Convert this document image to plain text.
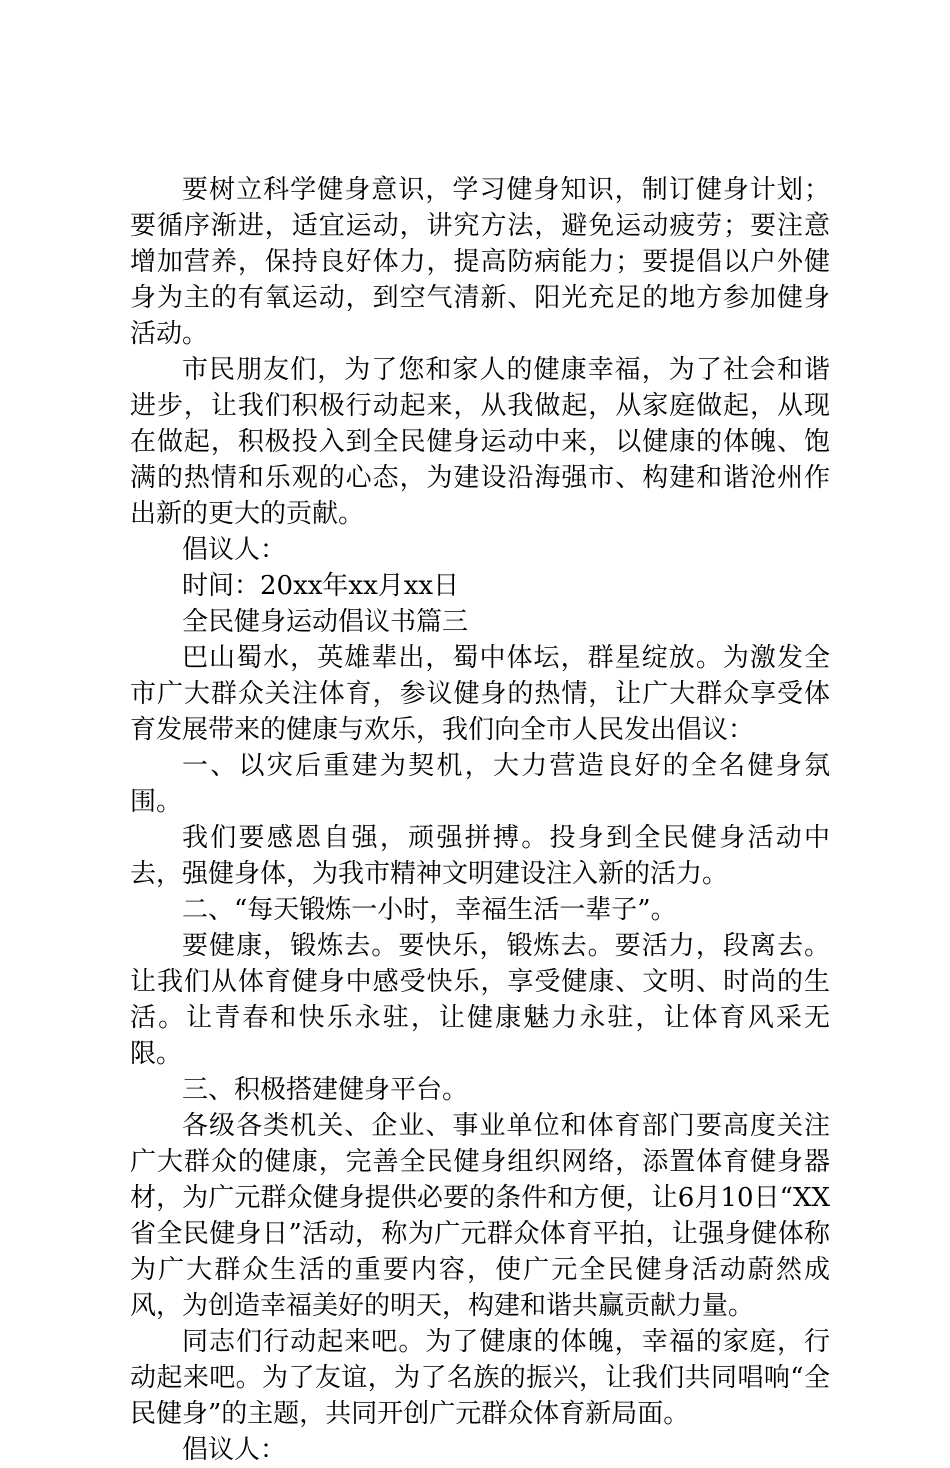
要树立科学健身意识，学习健身知识，制订健身计划；要循序渐进，适宜运动，讲究方法，避免运动疲劳；要注意增加营养，保持良好体力，提高防病能力；要提倡以户外健身为主的有氧运动，到空气清新、阳光充足的地方参加健身活动。

市民朋友们，为了您和家人的健康幸福，为了社会和谐进步，让我们积极行动起来，从我做起，从家庭做起，从现在做起，积极投入到全民健身运动中来，以健康的体魄、饱满的热情和乐观的心态，为建设沿海强市、构建和谐沧州作出新的更大的贡献。

倡议人：

时间：20xx年xx月xx日

全民健身运动倡议书篇三

巴山蜀水，英雄辈出，蜀中体坛，群星绽放。为激发全市广大群众关注体育，参议健身的热情，让广大群众享受体育发展带来的健康与欢乐，我们向全市人民发出倡议：

一、以灾后重建为契机，大力营造良好的全名健身氛围。

我们要感恩自强，顽强拼搏。投身到全民健身活动中去，强健身体，为我市精神文明建设注入新的活力。

二、“每天锻炼一小时，幸福生活一辈子”。

要健康，锻炼去。要快乐，锻炼去。要活力，段离去。让我们从体育健身中感受快乐，享受健康、文明、时尚的生活。让青春和快乐永驻，让健康魅力永驻，让体育风采无限。

三、积极搭建健身平台。

各级各类机关、企业、事业单位和体育部门要高度关注广大群众的健康，完善全民健身组织网络，添置体育健身器材，为广元群众健身提供必要的条件和方便，让6月10日“XX省全民健身日”活动，称为广元群众体育平拍，让强身健体称为广大群众生活的重要内容，使广元全民健身活动蔚然成风，为创造幸福美好的明天，构建和谐共赢贡献力量。

同志们行动起来吧。为了健康的体魄，幸福的家庭，行动起来吧。为了友谊，为了名族的振兴，让我们共同唱响“全民健身”的主题，共同开创广元群众体育新局面。

倡议人：
